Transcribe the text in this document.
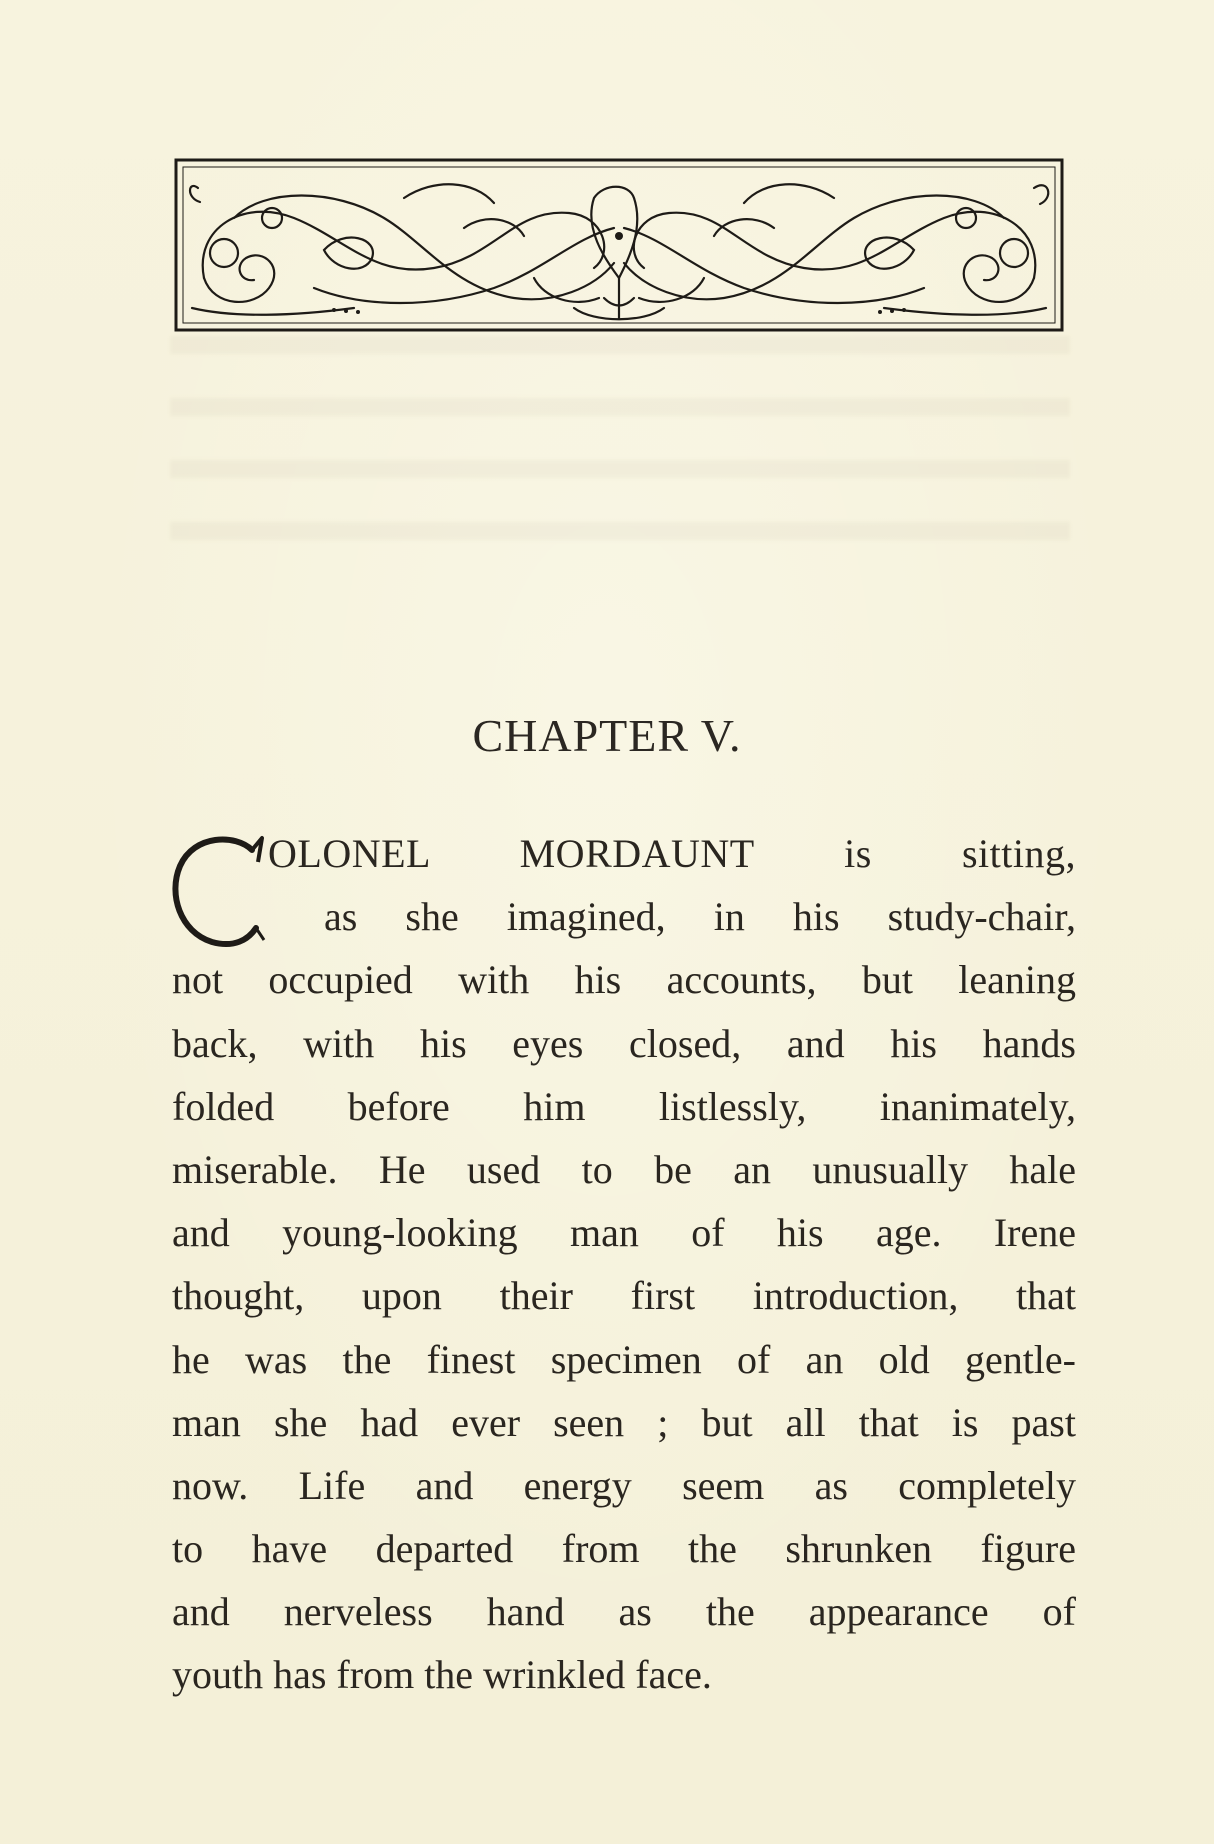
CHAPTER V.
OLONEL MORDAUNT is sitting,
as she imagined, in his study-chair,
not occupied with his accounts, but leaning
back, with his eyes closed, and his hands
folded before him listlessly, inanimately,
miserable. He used to be an unusually hale
and young-looking man of his age. Irene
thought, upon their first introduction, that
he was the finest specimen of an old gentle-
man she had ever seen ; but all that is past
now. Life and energy seem as completely
to have departed from the shrunken figure
and nerveless hand as the appearance of
youth has from the wrinkled face.
